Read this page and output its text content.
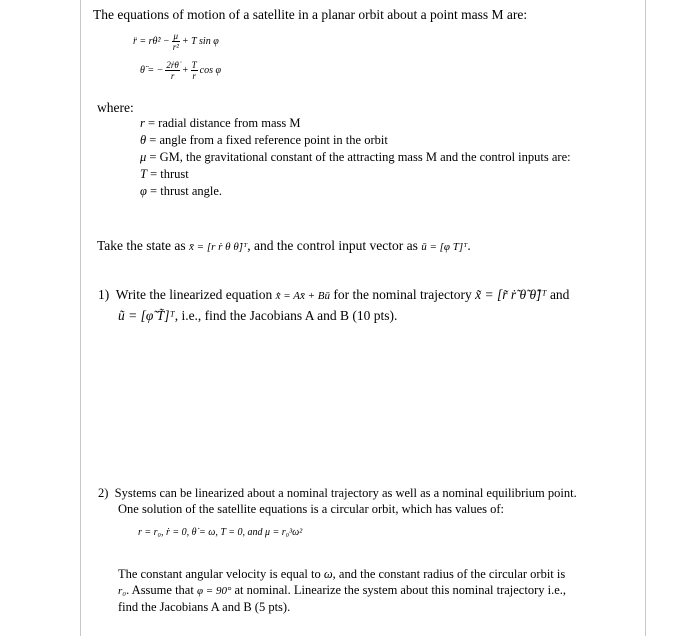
The equations of motion of a satellite in a planar orbit about a point mass M are:
r̈ = rθ̇² − $\frac{\mu}{\text{r²}} + T$ sin φ
θ̈ = − $\frac{\text{2ṙθ̇}}{r} + \frac{T}{r}$ cos φ
where:
r = radial distance from mass M
θ = angle from a fixed reference point in the orbit
μ = GM, the gravitational constant of the attracting mass M and the control inputs are:
T = thrust
φ = thrust angle.
Take the state as x̄ = [r ṙ θ θ̇]ᵀ, and the control input vector as ū = [φ T]ᵀ.
1) Write the linearized equation x̄̇ = Ax̄ + Bū for the nominal trajectory x̃ = [r̃ ṙ̃ θ̃ θ̃̇]ᵀ and
ũ = [φ̃ T̃]ᵀ, i.e., find the Jacobians A and B (10 pts).
2) Systems can be linearized about a nominal trajectory as well as a nominal equilibrium point.
One solution of the satellite equations is a circular orbit, which has values of:
r = r₀, ṙ = 0, θ̇ = ω, T = 0, and μ = r₀³ω²
The constant angular velocity is equal to ω, and the constant radius of the circular orbit is
r₀. Assume that φ = 90° at nominal. Linearize the system about this nominal trajectory i.e.,
find the Jacobians A and B (5 pts).
